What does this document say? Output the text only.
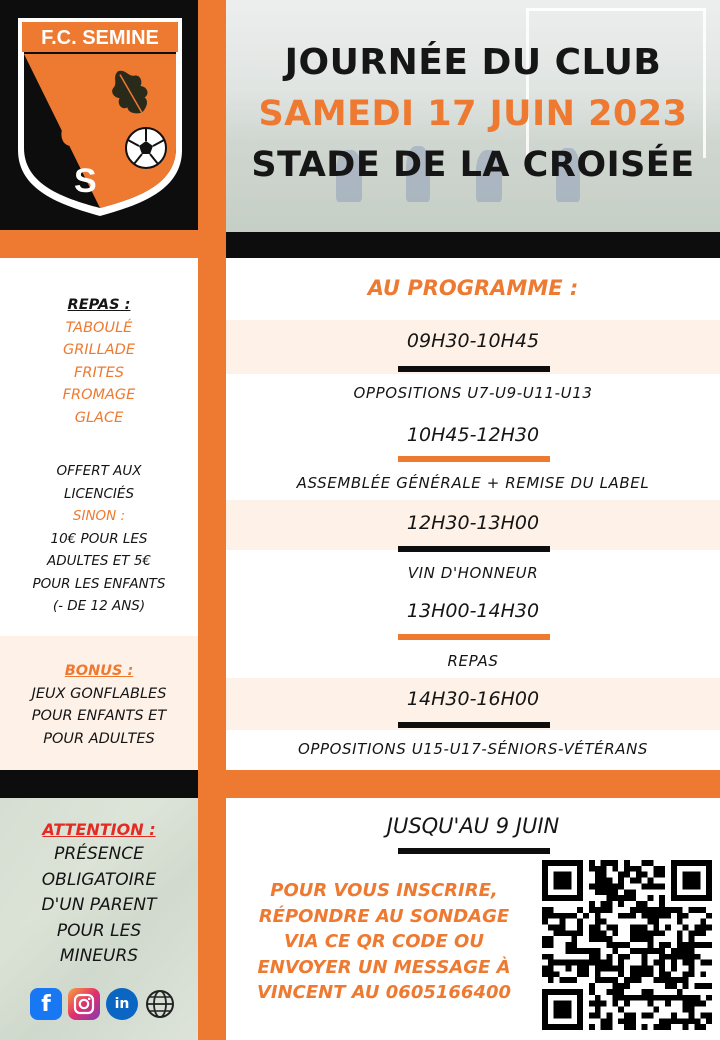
F.C. SEMINE
F
C
S
JOURNÉE DU CLUB
SAMEDI 17 JUIN 2023
STADE DE LA CROISÉE
REPAS :
TABOULÉ
GRILLADE
FRITES
FROMAGE
GLACE
OFFERT AUX
LICENCIÉS
SINON :
10€ POUR LES
ADULTES ET 5€
POUR LES ENFANTS
(- DE 12 ANS)
BONUS :
JEUX GONFLABLES
POUR ENFANTS ET
POUR ADULTES
AU PROGRAMME :
09H30-10H45
OPPOSITIONS U7-U9-U11-U13
10H45-12H30
ASSEMBLÉE GÉNÉRALE + REMISE DU LABEL
12H30-13H00
VIN D'HONNEUR
13H00-14H30
REPAS
14H30-16H00
OPPOSITIONS U15-U17-SÉNIORS-VÉTÉRANS
ATTENTION :
PRÉSENCE
OBLIGATOIRE
D'UN PARENT
POUR LES
MINEURS
f	in
JUSQU'AU 9 JUIN
POUR VOUS INSCRIRE,
RÉPONDRE AU SONDAGE
VIA CE QR CODE OU
ENVOYER UN MESSAGE À
VINCENT AU 0605166400
